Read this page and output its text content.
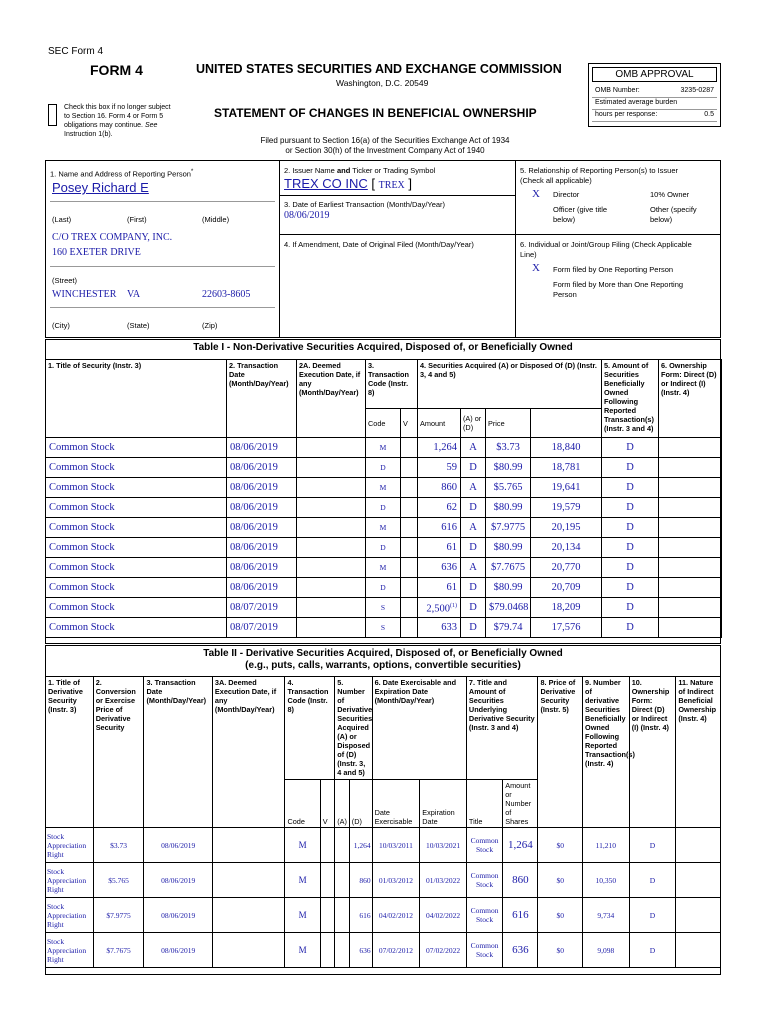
SEC Form 4
FORM 4	UNITED STATES SECURITIES AND EXCHANGE COMMISSION
Washington, D.C. 20549
Check this box if no longer subject
to Section 16. Form 4 or Form 5
obligations may continue. See
Instruction 1(b).
STATEMENT OF CHANGES IN BENEFICIAL OWNERSHIP
Filed pursuant to Section 16(a) of the Securities Exchange Act of 1934
or Section 30(h) of the Investment Company Act of 1940
OMB APPROVAL
OMB Number:	3235-0287
Estimated average burden
hours per response:	0.5
1. Name and Address of Reporting Person*
Posey Richard E
(Last)	(First)	(Middle)
C/O TREX COMPANY, INC.
160 EXETER DRIVE
(Street)
WINCHESTER VA	22603-8605
(City)	(State)	(Zip)
2. Issuer Name and Ticker or Trading Symbol
TREX CO INC [ TREX ]
3. Date of Earliest Transaction (Month/Day/Year)
08/06/2019
4. If Amendment, Date of Original Filed (Month/Day/Year)
5. Relationship of Reporting Person(s) to Issuer
(Check all applicable)
X Director	10% Owner
Officer (give title
below)
Other (specify
below)
6. Individual or Joint/Group Filing (Check Applicable
Line)
X Form filed by One Reporting Person
Form filed by More than One Reporting
Person
Table I - Non-Derivative Securities Acquired, Disposed of, or Beneficially Owned
1. Title of Security (Instr. 3)	2. Transaction Date (Month/Day/Year)	2A. Deemed Execution Date, if any (Month/Day/Year)	3. Transaction Code (Instr. 8)		4. Securities Acquired (A) or Disposed Of (D) (Instr. 3, 4 and 5)				5. Amount of Securities Beneficially Owned Following Reported Transaction(s) (Instr. 3 and 4)	6. Ownership Form: Direct (D) or Indirect (I) (Instr. 4)	
			Code	V	Amount	(A) or (D)	Price				
Common Stock	08/06/2019		M		1,264	A	$3.73	18,840	D		
Common Stock	08/06/2019		D		59	D	$80.99	18,781	D		
Common Stock	08/06/2019		M		860	A	$5.765	19,641	D		
Common Stock	08/06/2019		D		62	D	$80.99	19,579	D		
Common Stock	08/06/2019		M		616	A	$7.9775	20,195	D		
Common Stock	08/06/2019		D		61	D	$80.99	20,134	D		
Common Stock	08/06/2019		M		636	A	$7.7675	20,770	D		
Common Stock	08/06/2019		D		61	D	$80.99	20,709	D		
Common Stock	08/07/2019		S		2,500$^{(1)}$	D	$79.0468	18,209	D		
Common Stock	08/07/2019		S		633	D	$79.74	17,576	D		
Table II - Derivative Securities Acquired, Disposed of, or Beneficially Owned
(e.g., puts, calls, warrants, options, convertible securities)
1. Title of Derivative Security (Instr. 3)	2. Conversion or Exercise Price of Derivative Security	3. Transaction Date (Month/Day/Year)	3A. Deemed Execution Date, if any (Month/Day/Year)	4. Transaction Code (Instr. 8)		5. Number of Derivative Securities Acquired (A) or Disposed of (D) (Instr. 3, 4 and 5)		6. Date Exercisable and Expiration Date (Month/Day/Year)		7. Title and Amount of Securities Underlying Derivative Security (Instr. 3 and 4)		8. Price of Derivative Security (Instr. 5)	9. Number of derivative Securities Beneficially Owned Following Reported Transaction(s) (Instr. 4)	10. Ownership Form: Direct (D) or Indirect (I) (Instr. 4)	11. Nature of Indirect Beneficial Ownership (Instr. 4)
				Code	V	(A)	(D)	Date Exercisable	Expiration Date	Title	Amount or Number of Shares				
Stock Appreciation Right	$3.73	08/06/2019		M			1,264	10/03/2011	10/03/2021	Common Stock	1,264	$0	11,210	D	
Stock Appreciation Right	$5.765	08/06/2019		M			860	01/03/2012	01/03/2022	Common Stock	860	$0	10,350	D	
Stock Appreciation Right	$7.9775	08/06/2019		M			616	04/02/2012	04/02/2022	Common Stock	616	$0	9,734	D	
Stock Appreciation Right	$7.7675	08/06/2019		M			636	07/02/2012	07/02/2022	Common Stock	636	$0	9,098	D	
